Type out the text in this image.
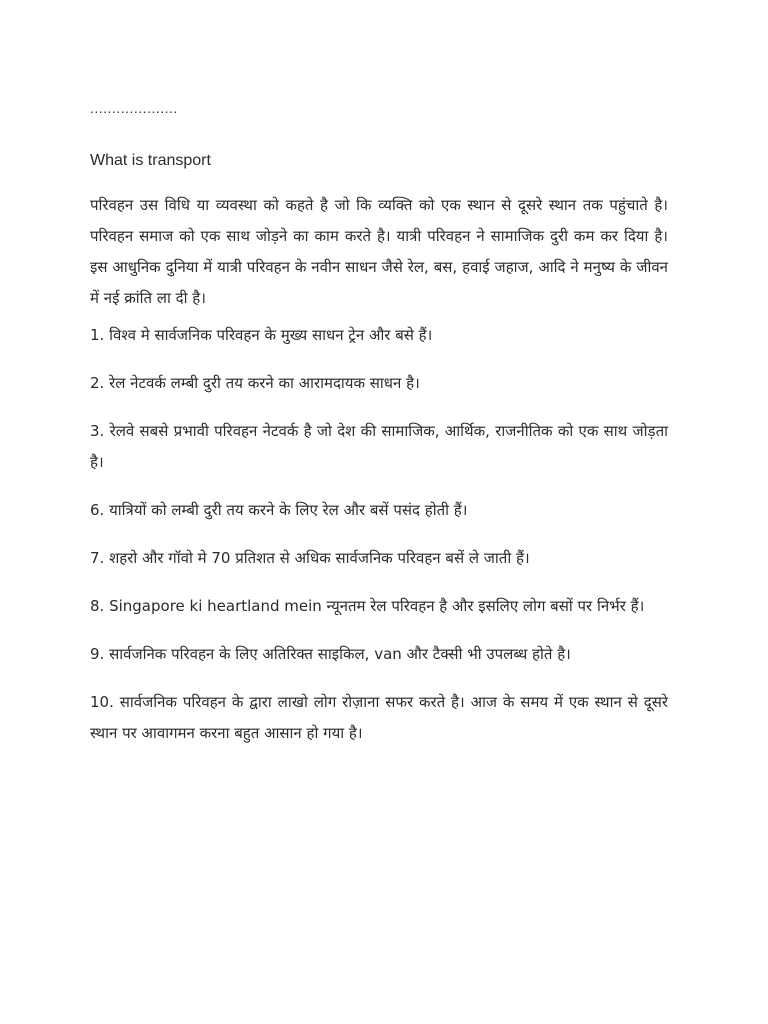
....................
What is transport

परिवहन उस विधि या व्यवस्था को कहते है जो कि व्यक्ति को एक स्थान से दूसरे स्थान तक पहुंचाते है। परिवहन समाज को एक साथ जोड़ने का काम करते है। यात्री परिवहन ने सामाजिक दुरी कम कर दिया है। इस आधुनिक दुनिया में यात्री परिवहन के नवीन साधन जैसे रेल, बस, हवाई जहाज, आदि ने मनुष्य के जीवन में नई क्रांति ला दी है।

1. विश्व मे सार्वजनिक परिवहन के मुख्य साधन ट्रेन और बसे हैं।

2. रेल नेटवर्क लम्बी दुरी तय करने का आरामदायक साधन है।

3. रेलवे सबसे प्रभावी परिवहन नेटवर्क है जो देश की सामाजिक, आर्थिक, राजनीतिक को एक साथ जोड़ता है।

6. यात्रियों को लम्बी दुरी तय करने के लिए रेल और बसें पसंद होती हैं।

7. शहरो और गॉवो मे 70 प्रतिशत से अधिक सार्वजनिक परिवहन बसें ले जाती हैं।

8. Singapore ki heartland mein न्यूनतम रेल परिवहन है और इसलिए लोग बसों पर निर्भर हैं।

9. सार्वजनिक परिवहन के लिए अतिरिक्त साइकिल, van और टैक्सी भी उपलब्ध होते है।

10. सार्वजनिक परिवहन के द्वारा लाखो लोग रोज़ाना सफर करते है। आज के समय में एक स्थान से दूसरे स्थान पर आवागमन करना बहुत आसान हो गया है।
